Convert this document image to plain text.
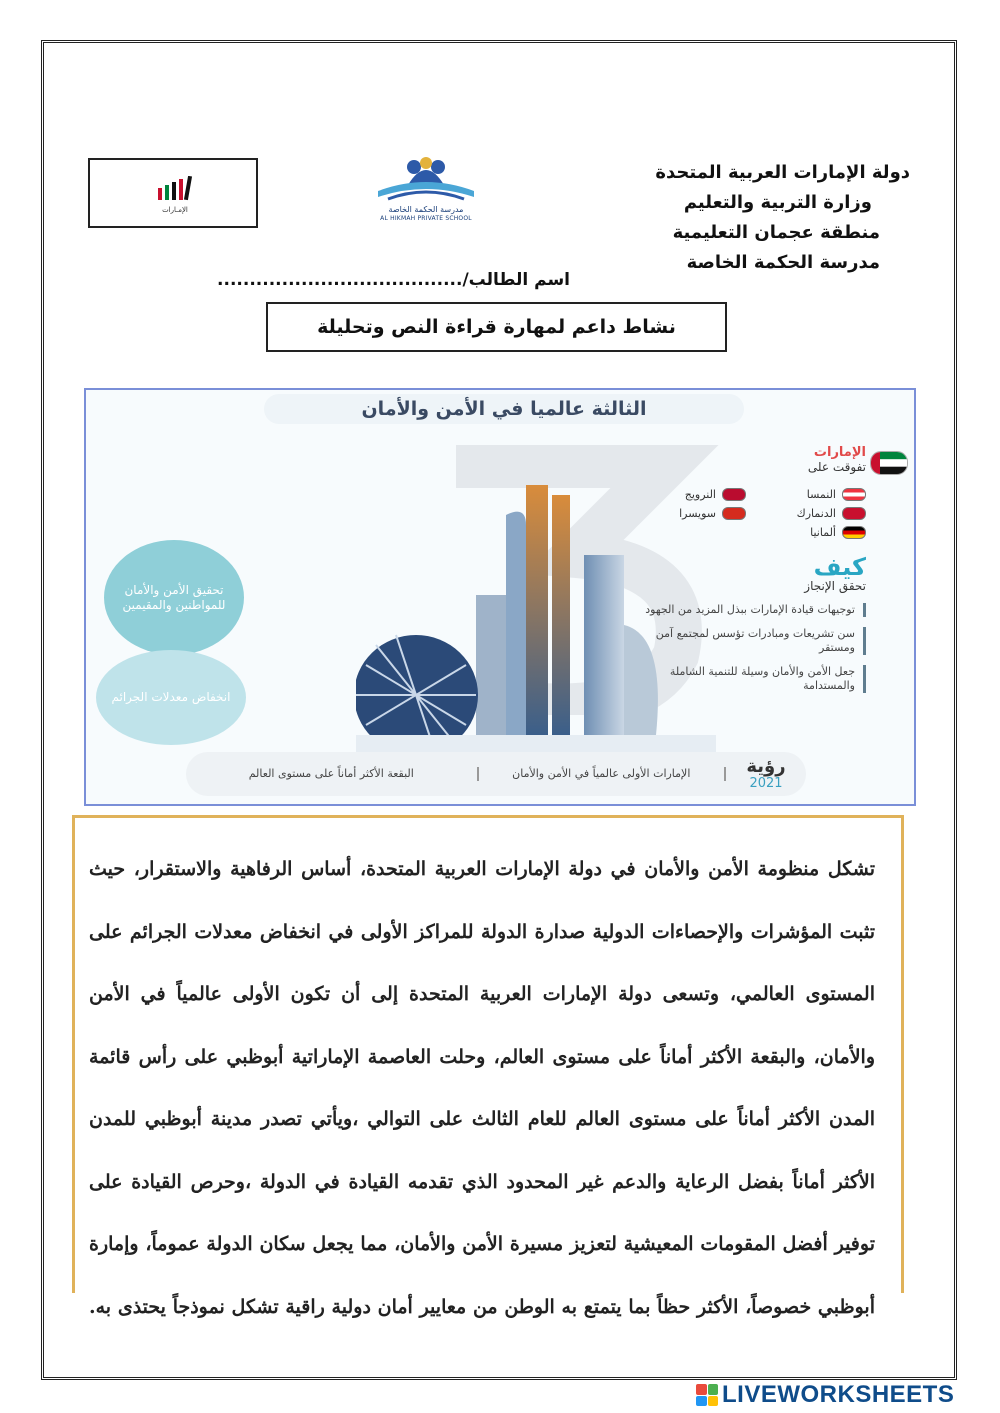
الإمـارات	مدرسة الحكمة الخاصة
AL HIKMAH PRIVATE SCHOOL
دولة الإمارات العربية المتحدة
وزارة التربية والتعليم
منطقة عجمان التعليمية
مدرسة الحكمة الخاصة
اسم الطالب/......................................
نشاط داعم لمهارة قراءة النص وتحليلة
الثالثة عالميا في الأمن والأمان
تحقيق الأمن والأمان للمواطنين والمقيمين
انخفاض معدلات الجرائم
الإمارات
تفوقت على
النمسا
النرويج
الدنمارك
سويسرا
ألمانيا
كيف
تحقق الإنجاز
توجيهات قيادة الإمارات ببذل المزيد من الجهود
سن تشريعات ومبادرات تؤسس لمجتمع آمن ومستقر
جعل الأمن والأمان وسيلة للتنمية الشاملة والمستدامة
رؤية
2021
الإمارات الأولى عالمياً في الأمن والأمان
البقعة الأكثر أماناً على مستوى العالم

تشكل منظومة الأمن والأمان في دولة الإمارات العربية المتحدة، أساس الرفاهية والاستقرار، حيث تثبت المؤشرات والإحصاءات الدولية صدارة الدولة للمراكز الأولى في انخفاض معدلات الجرائم على المستوى العالمي، وتسعى دولة الإمارات العربية المتحدة إلى أن تكون الأولى عالمياً في الأمن والأمان، والبقعة الأكثر أماناً على مستوى العالم، وحلت العاصمة الإماراتية أبوظبي على رأس قائمة المدن الأكثر أماناً على مستوى العالم للعام الثالث على التوالي ،ويأتي تصدر مدينة أبوظبي للمدن الأكثر أماناً بفضل الرعاية والدعم غير المحدود الذي تقدمه القيادة في الدولة ،وحرص القيادة على توفير أفضل المقومات المعيشية لتعزيز مسيرة الأمن والأمان، مما يجعل سكان الدولة عموماً، وإمارة أبوظبي خصوصاً، الأكثر حظاً بما يتمتع به الوطن من معايير أمان دولية راقية تشكل نموذجاً يحتذى به.

LIVEWORKSHEETS
